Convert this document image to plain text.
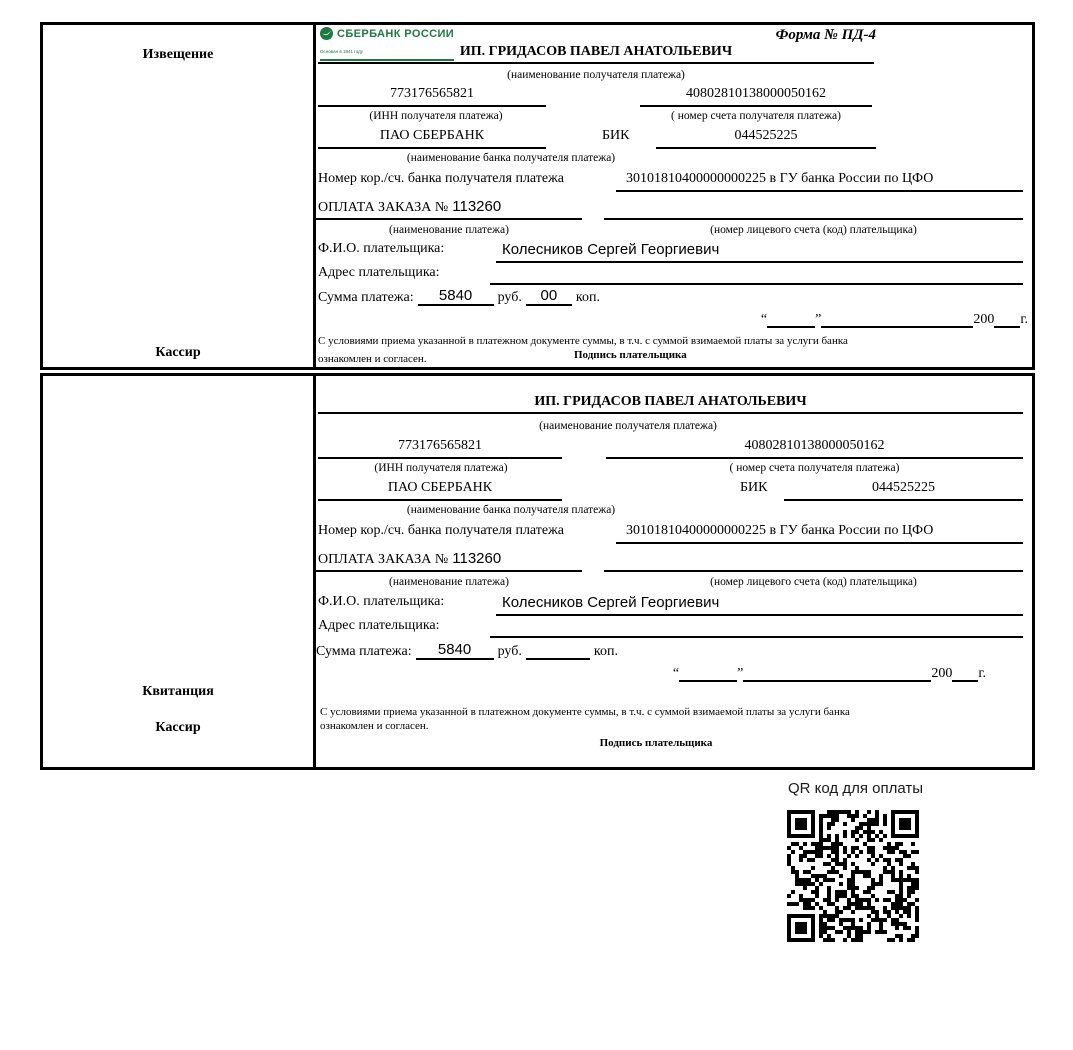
Извещение
Кассир
СБЕРБАНК РОССИИ
Основан в 1841 году
Форма № ПД-4
ИП. ГРИДАСОВ ПАВЕЛ АНАТОЛЬЕВИЧ
(наименование получателя платежа)
773176565821	40802810138000050162
(ИНН получателя платежа)	( номер счета получателя платежа)
ПАО СБЕРБАНК	БИК	044525225
(наименование банка получателя платежа)
Номер кор./сч. банка получателя платежа	30101810400000000225 в ГУ банка России по ЦФО
ОПЛАТА ЗАКАЗА № 113260
(наименование платежа)	(номер лицевого счета (код) плательщика)
Ф.И.О. плательщика:	Колесников Сергей Георгиевич
Адрес плательщика:
Сумма платежа:	5840	руб.	00	коп.
“	”	200 г.
С условиями приема указанной в платежном документе суммы, в т.ч. с суммой взимаемой платы за услуги банка
ознакомлен и согласен.	Подпись плательщика
Квитанция
Кассир
ИП. ГРИДАСОВ ПАВЕЛ АНАТОЛЬЕВИЧ
(наименование получателя платежа)
773176565821	40802810138000050162
(ИНН получателя платежа)	( номер счета получателя платежа)
ПАО СБЕРБАНК	БИК	044525225
(наименование банка получателя платежа)
Номер кор./сч. банка получателя платежа	30101810400000000225 в ГУ банка России по ЦФО
ОПЛАТА ЗАКАЗА № 113260
(наименование платежа)	(номер лицевого счета (код) плательщика)
Ф.И.О. плательщика:	Колесников Сергей Георгиевич
Адрес плательщика:
Сумма платежа:	5840	руб.	коп.
“	”	200 г.
С условиями приема указанной в платежном документе суммы, в т.ч. с суммой взимаемой платы за услуги банка
ознакомлен и согласен.
Подпись плательщика
QR код для оплаты
